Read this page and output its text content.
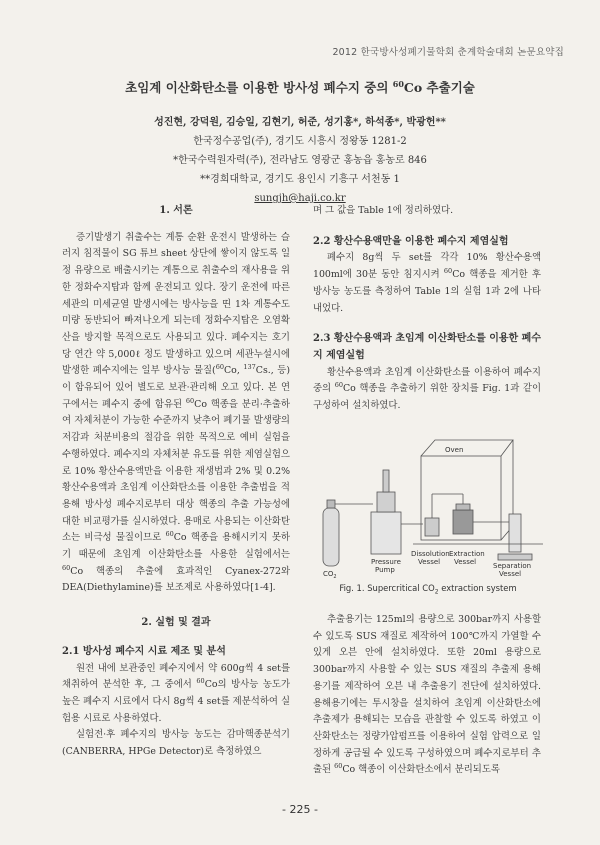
2012 한국방사성폐기물학회 춘계학술대회 논문요약집
초임계 이산화탄소를 이용한 방사성 폐수지 중의 $^{60}$Co 추출기술
성진현, 강덕원, 김승일, 김현기, 허준, 성기홍*, 하석종*, 박광헌**
한국정수공업(주), 경기도 시흥시 정왕동 1281-2
*한국수력원자력(주), 전라남도 영광군 홍농읍 홍농로 846
**경희대학교, 경기도 용인시 기흥구 서천동 1
sungjh@haji.co.kr

1. 서론

증기발생기 취출수는 계통 순환 운전시 발생하는 슬러지 침적물이 SG 튜브 sheet 상단에 쌓이지 않도록 일정 유량으로 배출시키는 계통으로 취출수의 재사용을 위한 정화수지탑과 함께 운전되고 있다. 장기 운전에 따른 세관의 미세균열 발생시에는 방사능을 띤 1차 계통수도 미량 동반되어 빠져나오게 되는데 정화수지탑은 오염확산을 방지할 목적으로도 사용되고 있다. 폐수지는 호기당 연간 약 5,000ℓ 정도 발생하고 있으며 세관누설시에 발생한 폐수지에는 일부 방사능 물질($^{60}$Co, $^{137}$Cs., 등)이 함유되어 있어 별도로 보관·관리해 오고 있다. 본 연구에서는 폐수지 중에 함유된 $^{60}$Co 핵종을 분리·추출하여 자체처분이 가능한 수준까지 낮추어 폐기물 발생량의 저감과 처분비용의 절감을 위한 목적으로 예비 실험을 수행하였다. 폐수지의 자체처분 유도를 위한 제염실험으로 10% 황산수용액만을 이용한 재생법과 2% 및 0.2% 황산수용액과 초임계 이산화탄소를 이용한 추출법을 적용해 방사성 폐수지로부터 대상 핵종의 추출 가능성에 대한 비교평가를 실시하였다. 용매로 사용되는 이산화탄소는 비극성 물질이므로 $^{60}$Co 핵종을 용해시키지 못하기 때문에 초임계 이산화탄소를 사용한 실험에서는 $^{60}$Co 핵종의 추출에 효과적인 Cyanex-272와 DEA(Diethylamine)를 보조제로 사용하였다[1-4].

2. 실험 및 결과

2.1 방사성 폐수지 시료 제조 및 분석

원전 내에 보관중인 폐수지에서 약 600g씩 4 set를 채취하여 분석한 후, 그 중에서 $^{60}$Co의 방사능 농도가 높은 폐수지 시료에서 다시 8g씩 4 set를 제분석하여 실험용 시료로 사용하였다.

실험전·후 폐수지의 방사능 농도는 감마핵종분석기(CANBERRA, HPGe Detector)로 측정하였으

며 그 값을 Table 1에 정리하였다.

2.2 황산수용액만을 이용한 폐수지 제염실험

폐수지 8g씩 두 set를 각각 10% 황산수용액 100ml에 30분 동안 침지시켜 $^{60}$Co 핵종을 제거한 후 방사능 농도를 측정하여 Table 1의 실험 1과 2에 나타내었다.

2.3 황산수용액과 초임계 이산화탄소를 이용한 폐수지 제염실험

황산수용액과 초임계 이산화탄소를 이용하여 폐수지 중의 $^{60}$Co 핵종을 추출하기 위한 장치를 Fig. 1과 같이 구성하여 설치하였다.

Oven
$CO_2$
Pressure
Pump
Dissolution
Vessel
Extraction
Vessel Separation
Vessel
Fig. 1. Supercritical $CO_2$ extraction system

추출용기는 125ml의 용량으로 300bar까지 사용할 수 있도록 SUS 재질로 제작하여 100℃까지 가열할 수 있게 오븐 안에 설치하였다. 또한 20ml 용량으로 300bar까지 사용할 수 있는 SUS 재질의 추출제 용해용기를 제작하여 오븐 내 추출용기 전단에 설치하였다. 용해용기에는 투시창을 설치하여 초임계 이산화탄소에 추출제가 용해되는 모습을 관찰할 수 있도록 하였고 이산화탄소는 정량가압펌프를 이용하여 실험 압력으로 일정하게 공급될 수 있도록 구성하였으며 폐수지로부터 추출된 $^{60}$Co 핵종이 이산화탄소에서 분리되도록

- 225 -
